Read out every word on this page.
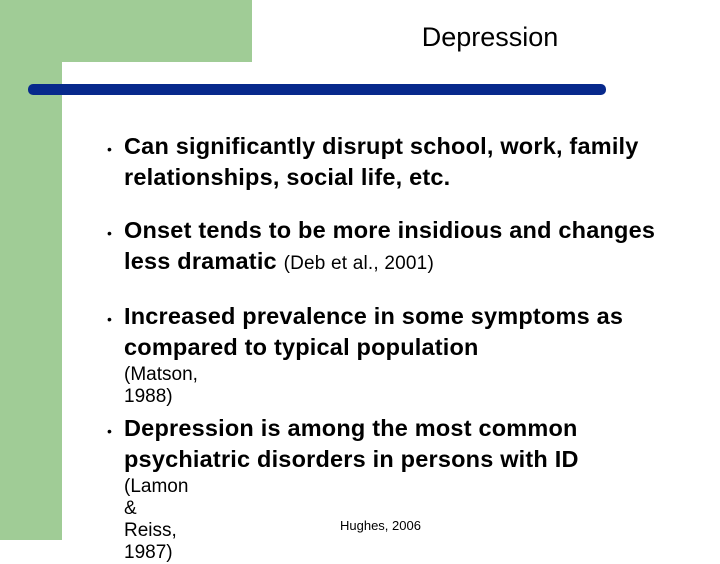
Depression
• Can significantly disrupt school, work, family relationships, social life, etc.
• Onset tends to be more insidious and changes less dramatic (Deb et al., 2001)
• Increased prevalence in some symptoms as compared to typical population
(Matson, 1988)
• Depression is among the most common psychiatric disorders in persons with ID
(Lamon & Reiss, 1987)
Hughes, 2006
